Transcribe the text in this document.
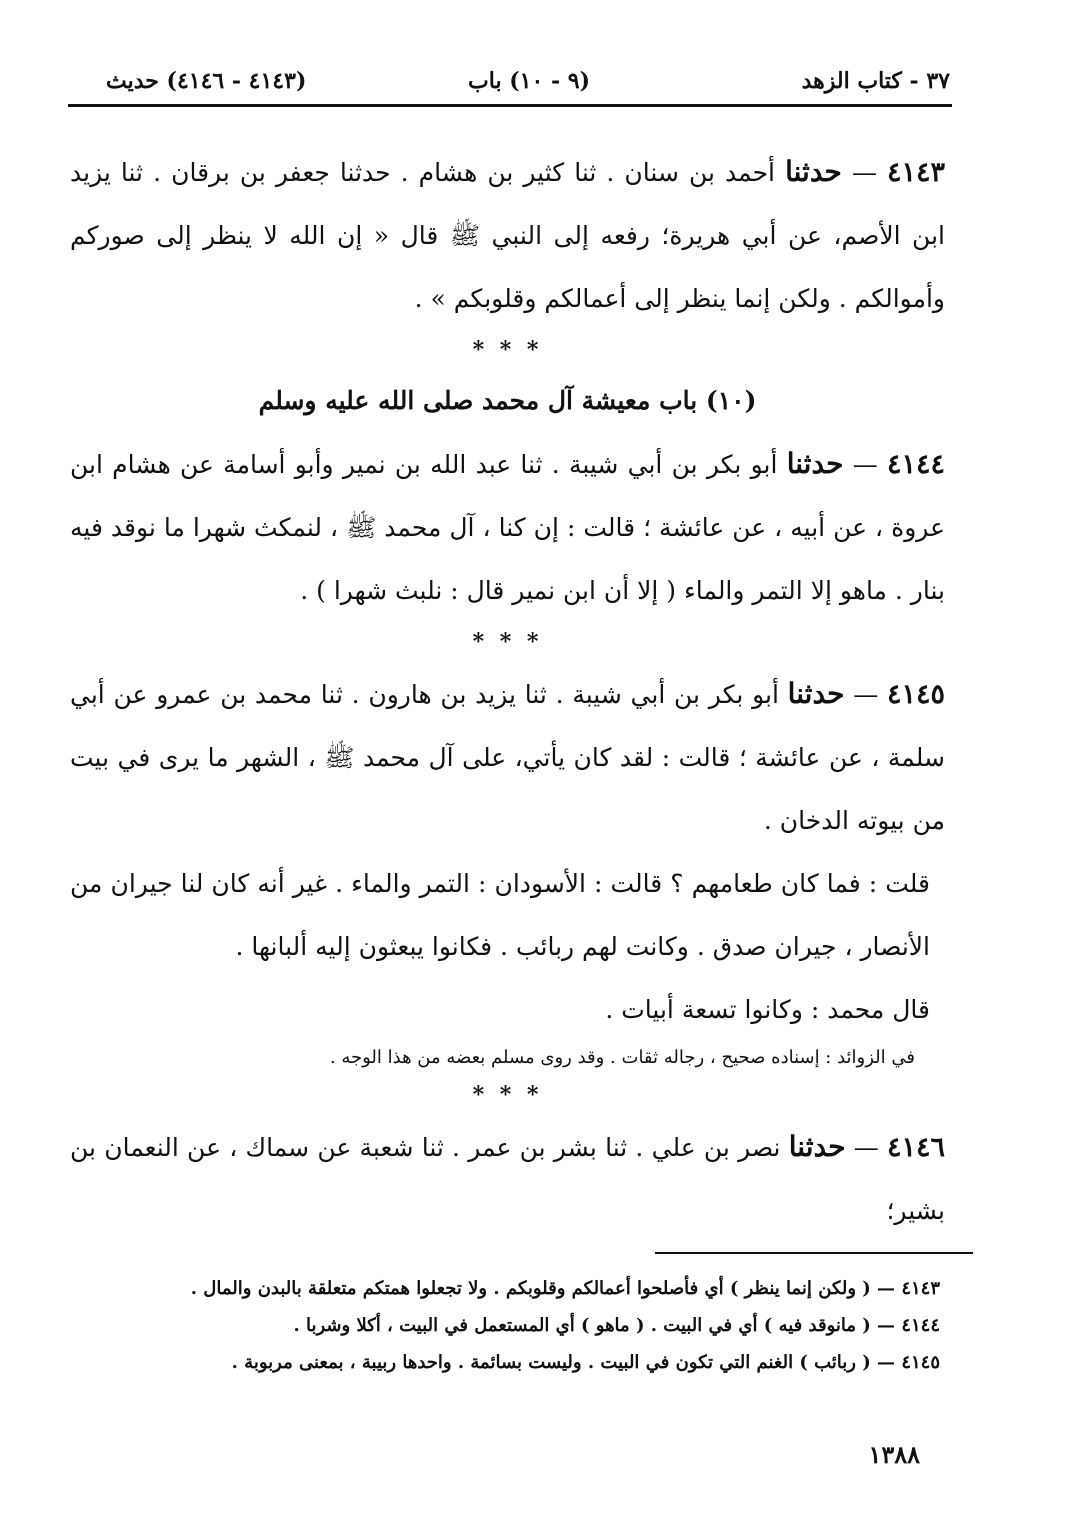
٣٧ - كتاب الزهد
(٩ - ١٠) باب
(٤١٤٣ - ٤١٤٦) حديث

٤١٤٣ — حدثنا أحمد بن سنان . ثنا كثير بن هشام . حدثنا جعفر بن برقان . ثنا يزيد ابن الأصم، عن أبي هريرة؛ رفعه إلى النبي ﷺ قال « إن الله لا ينظر إلى صوركم وأموالكم . ولكن إنما ينظر إلى أعمالكم وقلوبكم » .

* * *
(١٠) باب معيشة آل محمد صلى الله عليه وسلم

٤١٤٤ — حدثنا أبو بكر بن أبي شيبة . ثنا عبد الله بن نمير وأبو أسامة عن هشام ابن عروة ، عن أبيه ، عن عائشة ؛ قالت : إن كنا ، آل محمد ﷺ ، لنمكث شهرا ما نوقد فيه بنار . ماهو إلا التمر والماء ( إلا أن ابن نمير قال : نلبث شهرا ) .

* * *

٤١٤٥ — حدثنا أبو بكر بن أبي شيبة . ثنا يزيد بن هارون . ثنا محمد بن عمرو عن أبي سلمة ، عن عائشة ؛ قالت : لقد كان يأتي، على آل محمد ﷺ ، الشهر ما يرى في بيت من بيوته الدخان .

قلت : فما كان طعامهم ؟ قالت : الأسودان : التمر والماء . غير أنه كان لنا جيران من الأنصار ، جيران صدق . وكانت لهم ربائب . فكانوا يبعثون إليه ألبانها .

قال محمد : وكانوا تسعة أبيات .

في الزوائد : إسناده صحيح ، رجاله ثقات . وقد روى مسلم بعضه من هذا الوجه .

* * *

٤١٤٦ — حدثنا نصر بن علي . ثنا بشر بن عمر . ثنا شعبة عن سماك ، عن النعمان بن بشير؛

٤١٤٣ — ( ولكن إنما ينظر ) أي فأصلحوا أعمالكم وقلوبكم . ولا تجعلوا همتكم متعلقة بالبدن والمال .

٤١٤٤ — ( مانوقد فيه ) أي في البيت . ( ماهو ) أي المستعمل في البيت ، أكلا وشربا .

٤١٤٥ — ( ربائب ) الغنم التي تكون في البيت . وليست بسائمة . واحدها ربيبة ، بمعنى مربوبة .

١٣٨٨
